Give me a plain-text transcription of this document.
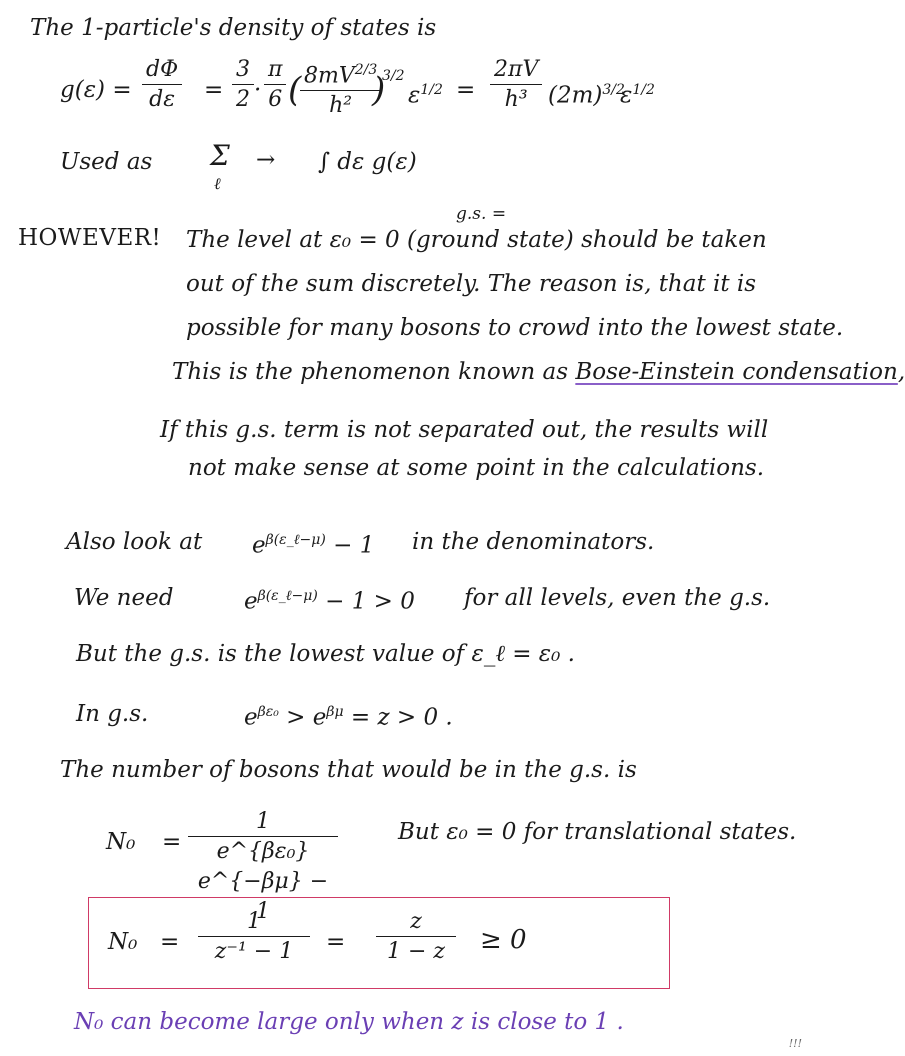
The 1-particle's density of states is
g(ε) =
dΦ
dε	=
3
2 ·
π
6 ( $8mV^{2/3}$
h² )
$^{3/2}$
$\varepsilon^{1/2}$ =
2πV
h³ $(2m)^{3/2}$
$\varepsilon^{1/2}$
Used as Σ
ℓ
→ ∫ dε g(ε)
g.s. =
HOWEVER! The level at ε₀ = 0 (ground state) should be taken
out of the sum discretely. The reason is, that it is
possible for many bosons to crowd into the lowest state.
This is the phenomenon known as Bose-Einstein condensation,
If this g.s. term is not separated out, the results will
not make sense at some point in the calculations.
Also look at $e^{\beta(\varepsilon\_\ell-\mu)} - 1$ in the denominators.
We need	$e^{\beta(\varepsilon\_\ell-\mu)} - 1 > 0$ for all levels, even the g.s.
But the g.s. is the lowest value of ε_ℓ = ε₀ .
In g.s.	$e^{\beta\varepsilon_0} > e^{\beta\mu} = z > 0$ .
The number of bosons that would be in the g.s. is
N₀ =
1
e^{βε₀} e^{−βμ} − 1
But ε₀ = 0 for translational states.
N₀ =
1
z⁻¹ − 1	=
z
1 − z	≥ 0
N₀ can become large only when z is close to 1 .
!!!
